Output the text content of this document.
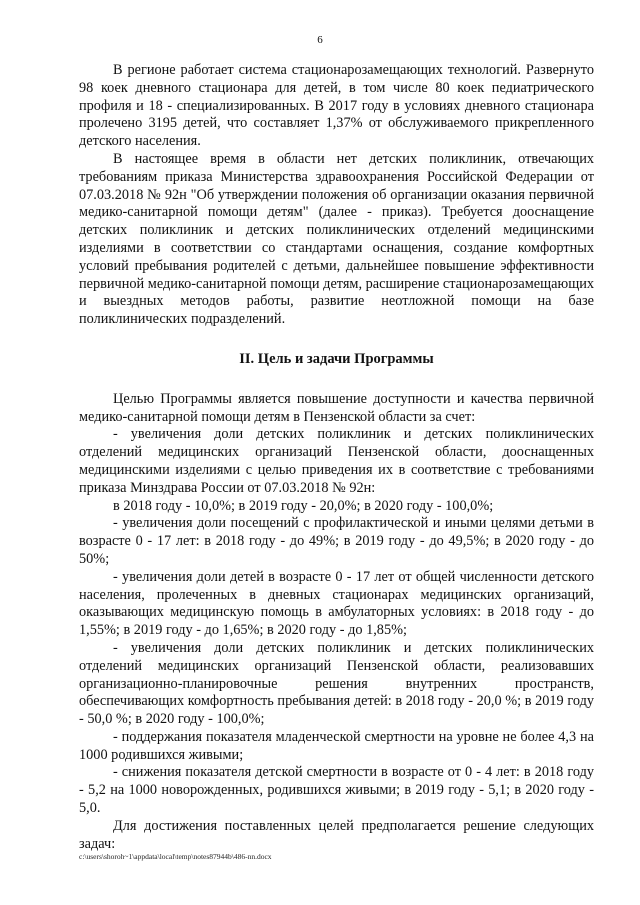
6

В регионе работает система стационарозамещающих технологий. Развернуто 98 коек дневного стационара для детей, в том числе 80 коек педиатрического профиля и 18 - специализированных. В 2017 году в условиях дневного стационара пролечено 3195 детей, что составляет 1,37% от обслуживаемого прикрепленного детского населения.

В настоящее время в области нет детских поликлиник, отвечающих требованиям приказа Министерства здравоохранения Российской Федерации от 07.03.2018 № 92н "Об утверждении положения об организации оказания первичной медико-санитарной помощи детям" (далее - приказ). Требуется дооснащение детских поликлиник и детских поликлинических отделений медицинскими изделиями в соответствии со стандартами оснащения, создание комфортных условий пребывания родителей с детьми, дальнейшее повышение эффективности первичной медико-санитарной помощи детям, расширение стационарозамещающих и выездных методов работы, развитие неотложной помощи на базе поликлинических подразделений.

II. Цель и задачи Программы

Целью Программы является повышение доступности и качества первичной медико-санитарной помощи детям в Пензенской области за счет:

- увеличения доли детских поликлиник и детских поликлинических отделений медицинских организаций Пензенской области, дооснащенных медицинскими изделиями с целью приведения их в соответствие с требованиями приказа Минздрава России от 07.03.2018 № 92н:

в 2018 году - 10,0%; в 2019 году - 20,0%; в 2020 году - 100,0%;

- увеличения доли посещений с профилактической и иными целями детьми в возрасте 0 - 17 лет: в 2018 году - до 49%; в 2019 году - до 49,5%; в 2020 году - до 50%;

- увеличения доли детей в возрасте 0 - 17 лет от общей численности детского населения, пролеченных в дневных стационарах медицинских организаций, оказывающих медицинскую помощь в амбулаторных условиях: в 2018 году - до 1,55%; в 2019 году - до 1,65%; в 2020 году - до 1,85%;

- увеличения доли детских поликлиник и детских поликлинических отделений медицинских организаций Пензенской области, реализовавших организационно-планировочные решения внутренних пространств, обеспечивающих комфортность пребывания детей: в 2018 году - 20,0 %; в 2019 году - 50,0 %; в 2020 году - 100,0%;

- поддержания показателя младенческой смертности на уровне не более 4,3 на 1000 родившихся живыми;

- снижения показателя детской смертности в возрасте от 0 - 4 лет: в 2018 году - 5,2 на 1000 новорожденных, родившихся живыми; в 2019 году - 5,1; в 2020 году - 5,0.

Для достижения поставленных целей предполагается решение следующих задач:

c:\users\shoroh~1\appdata\local\temp\notes87944b\486-nn.docx
